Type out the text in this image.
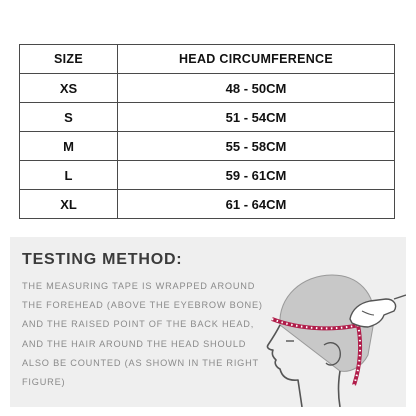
SIZE	HEAD CIRCUMFERENCE
XS	48 - 50CM
S	51 - 54CM
M	55 - 58CM
L	59 - 61CM
XL	61 - 64CM
TESTING METHOD:
THE MEASURING TAPE IS WRAPPED AROUND THE FOREHEAD (ABOVE THE EYEBROW BONE) AND THE RAISED POINT OF THE BACK HEAD, AND THE HAIR AROUND THE HEAD SHOULD ALSO BE COUNTED (AS SHOWN IN THE RIGHT FIGURE)
